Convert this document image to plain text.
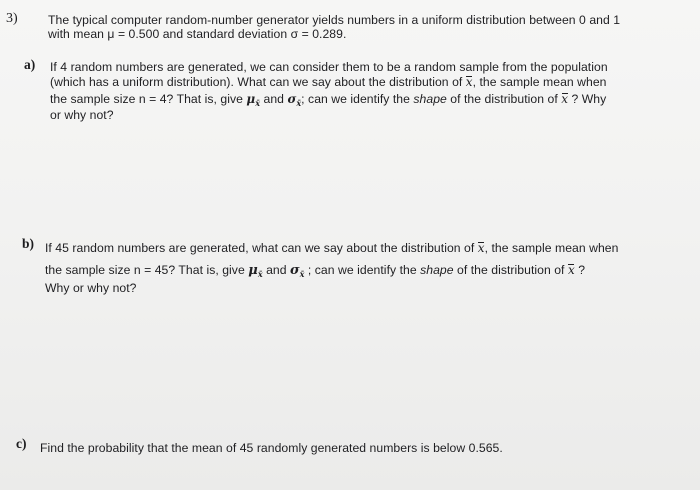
3) The typical computer random-number generator yields numbers in a uniform distribution between 0 and 1
with mean μ = 0.500 and standard deviation σ = 0.289.
a) If 4 random numbers are generated, we can consider them to be a random sample from the population
(which has a uniform distribution). What can we say about the distribution of x, the sample mean when
the sample size n = 4? That is, give $\mu_{x̄}$ and $\sigma_{x̄}$; can we identify the shape of the distribution of x ? Why
or why not?
b) If 45 random numbers are generated, what can we say about the distribution of x, the sample mean when
the sample size n = 45? That is, give $\mu_{x̄}$ and $\sigma_{x̄}$ ; can we identify the shape of the distribution of x ?
Why or why not?
c) Find the probability that the mean of 45 randomly generated numbers is below 0.565.
